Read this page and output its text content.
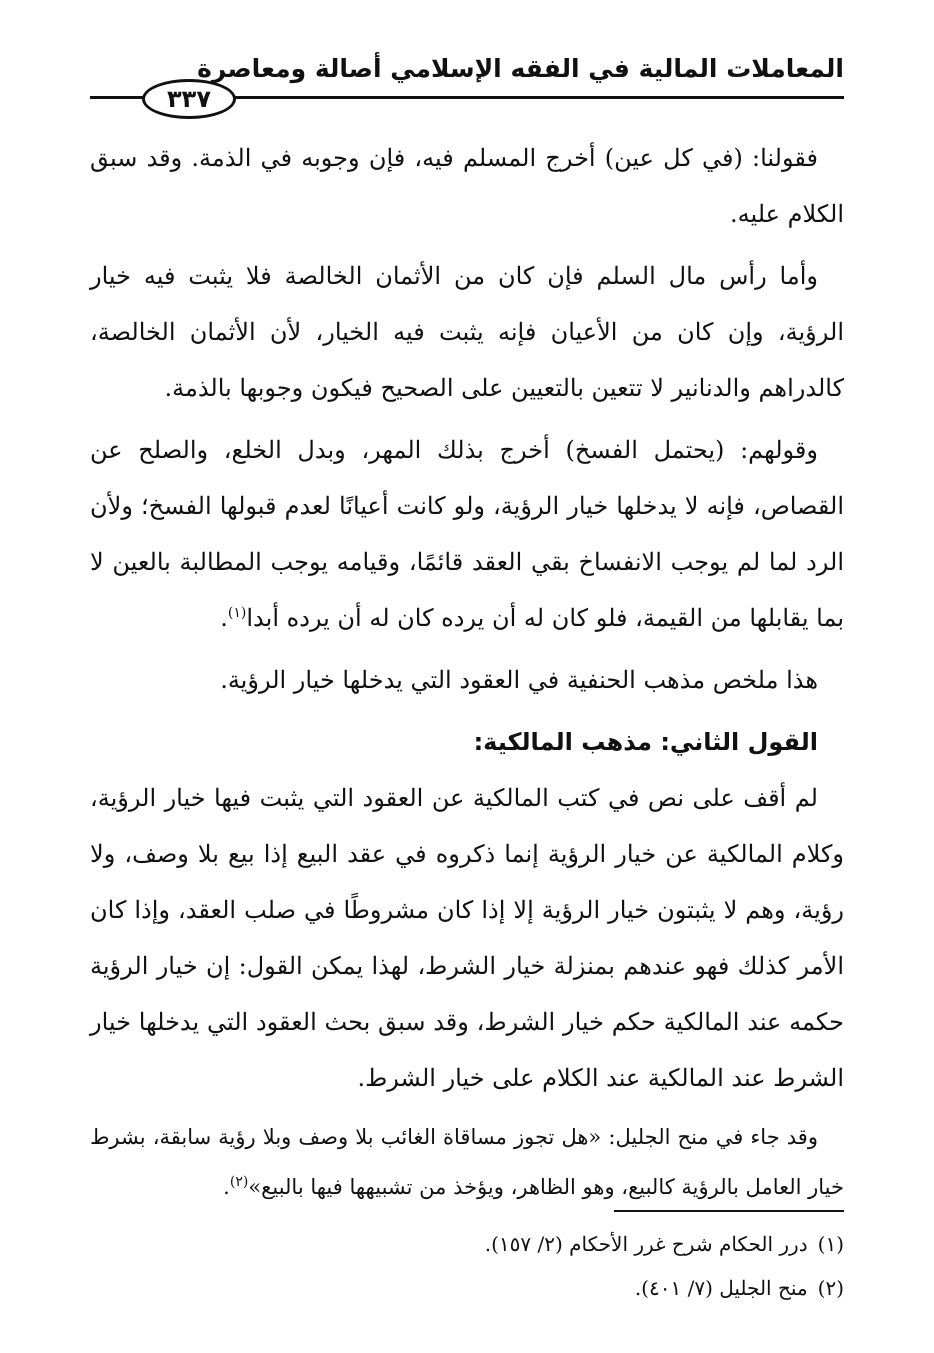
المعاملات المالية في الفقه الإسلامي أصالة ومعاصرة
٣٣٧

فقولنا: (في كل عين) أخرج المسلم فيه، فإن وجوبه في الذمة. وقد سبق الكلام عليه.

وأما رأس مال السلم فإن كان من الأثمان الخالصة فلا يثبت فيه خيار الرؤية، وإن كان من الأعيان فإنه يثبت فيه الخيار، لأن الأثمان الخالصة، كالدراهم والدنانير لا تتعين بالتعيين على الصحيح فيكون وجوبها بالذمة.

وقولهم: (يحتمل الفسخ) أخرج بذلك المهر، وبدل الخلع، والصلح عن القصاص، فإنه لا يدخلها خيار الرؤية، ولو كانت أعيانًا لعدم قبولها الفسخ؛ ولأن الرد لما لم يوجب الانفساخ بقي العقد قائمًا، وقيامه يوجب المطالبة بالعين لا بما يقابلها من القيمة، فلو كان له أن يرده كان له أن يرده أبدا$^{(١)}$.

هذا ملخص مذهب الحنفية في العقود التي يدخلها خيار الرؤية.

القول الثاني: مذهب المالكية:

لم أقف على نص في كتب المالكية عن العقود التي يثبت فيها خيار الرؤية، وكلام المالكية عن خيار الرؤية إنما ذكروه في عقد البيع إذا بيع بلا وصف، ولا رؤية، وهم لا يثبتون خيار الرؤية إلا إذا كان مشروطًا في صلب العقد، وإذا كان الأمر كذلك فهو عندهم بمنزلة خيار الشرط، لهذا يمكن القول: إن خيار الرؤية حكمه عند المالكية حكم خيار الشرط، وقد سبق بحث العقود التي يدخلها خيار الشرط عند المالكية عند الكلام على خيار الشرط.

وقد جاء في منح الجليل: «هل تجوز مساقاة الغائب بلا وصف وبلا رؤية سابقة، بشرط خيار العامل بالرؤية كالبيع، وهو الظاهر، ويؤخذ من تشبيهها فيها بالبيع»$^{(٢)}$.

(١)درر الحكام شرح غرر الأحكام (٢/ ١٥٧).
(٢)منح الجليل (٧/ ٤٠١).
